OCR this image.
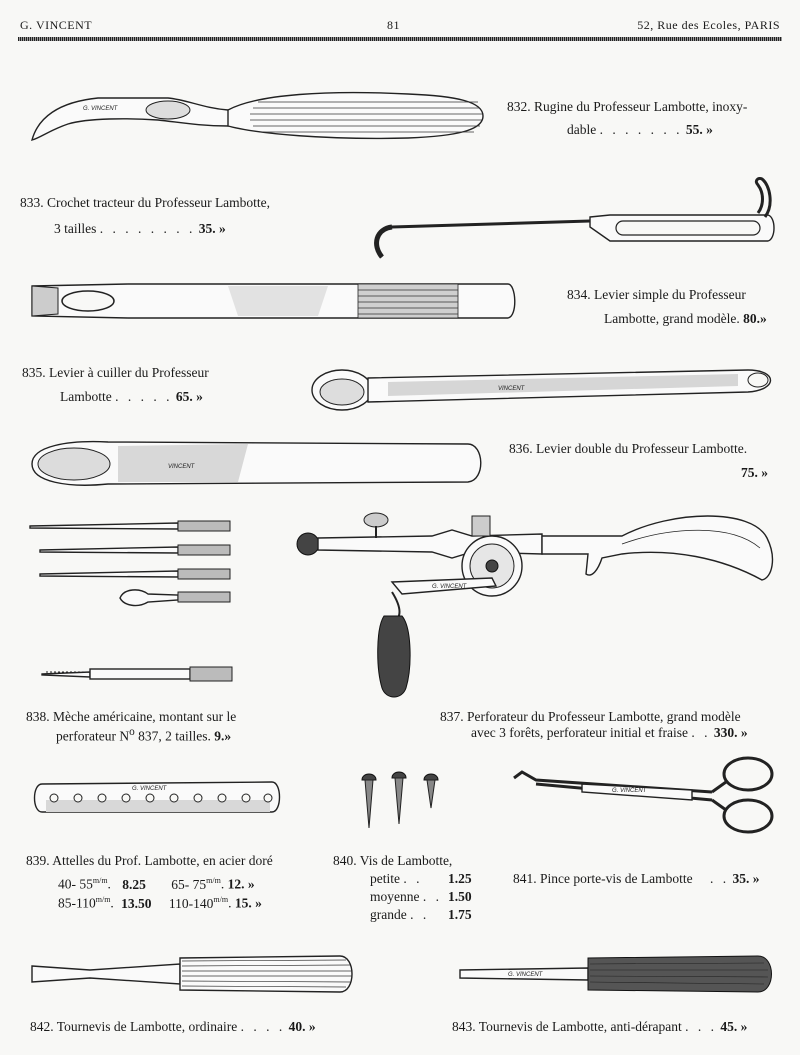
G. VINCENT	81	52, Rue des Ecoles, PARIS
G. VINCENT	832. Rugine du Professeur Lambotte, inoxy-
dable . . . . . . . 55. »
833. Crochet tracteur du Professeur Lambotte,
3 tailles . . . . . . . . 35. »
834. Levier simple du Professeur
Lambotte, grand modèle. 80.»
835. Levier à cuiller du Professeur
Lambotte . . . . . 65. »	VINCENT
VINCENT
836. Levier double du Professeur Lambotte.
75. »
G. VINCENT
838. Mèche américaine, montant sur le
perforateur $N^o$ 837, 2 tailles. 9.»
837. Perforateur du Professeur Lambotte, grand modèle
avec 3 forêts, perforateur initial et fraise . . 330. »
G. VINCENT	G. VINCENT
839. Attelles du Prof. Lambotte, en acier doré
40- $55^{m/m}$. 8.25 65- $75^{m/m}$. 12. »
$85-110^{m/m}$. 13.50 $110-140^{m/m}$. 15. »
840. Vis de Lambotte,
petite . . 1.25
moyenne . . 1.50
grande . . 1.75
841. Pince porte-vis de Lambotte . . 35. »
G. VINCENT
842. Tournevis de Lambotte, ordinaire . . . . 40. »	843. Tournevis de Lambotte, anti-dérapant . . . 45. »
